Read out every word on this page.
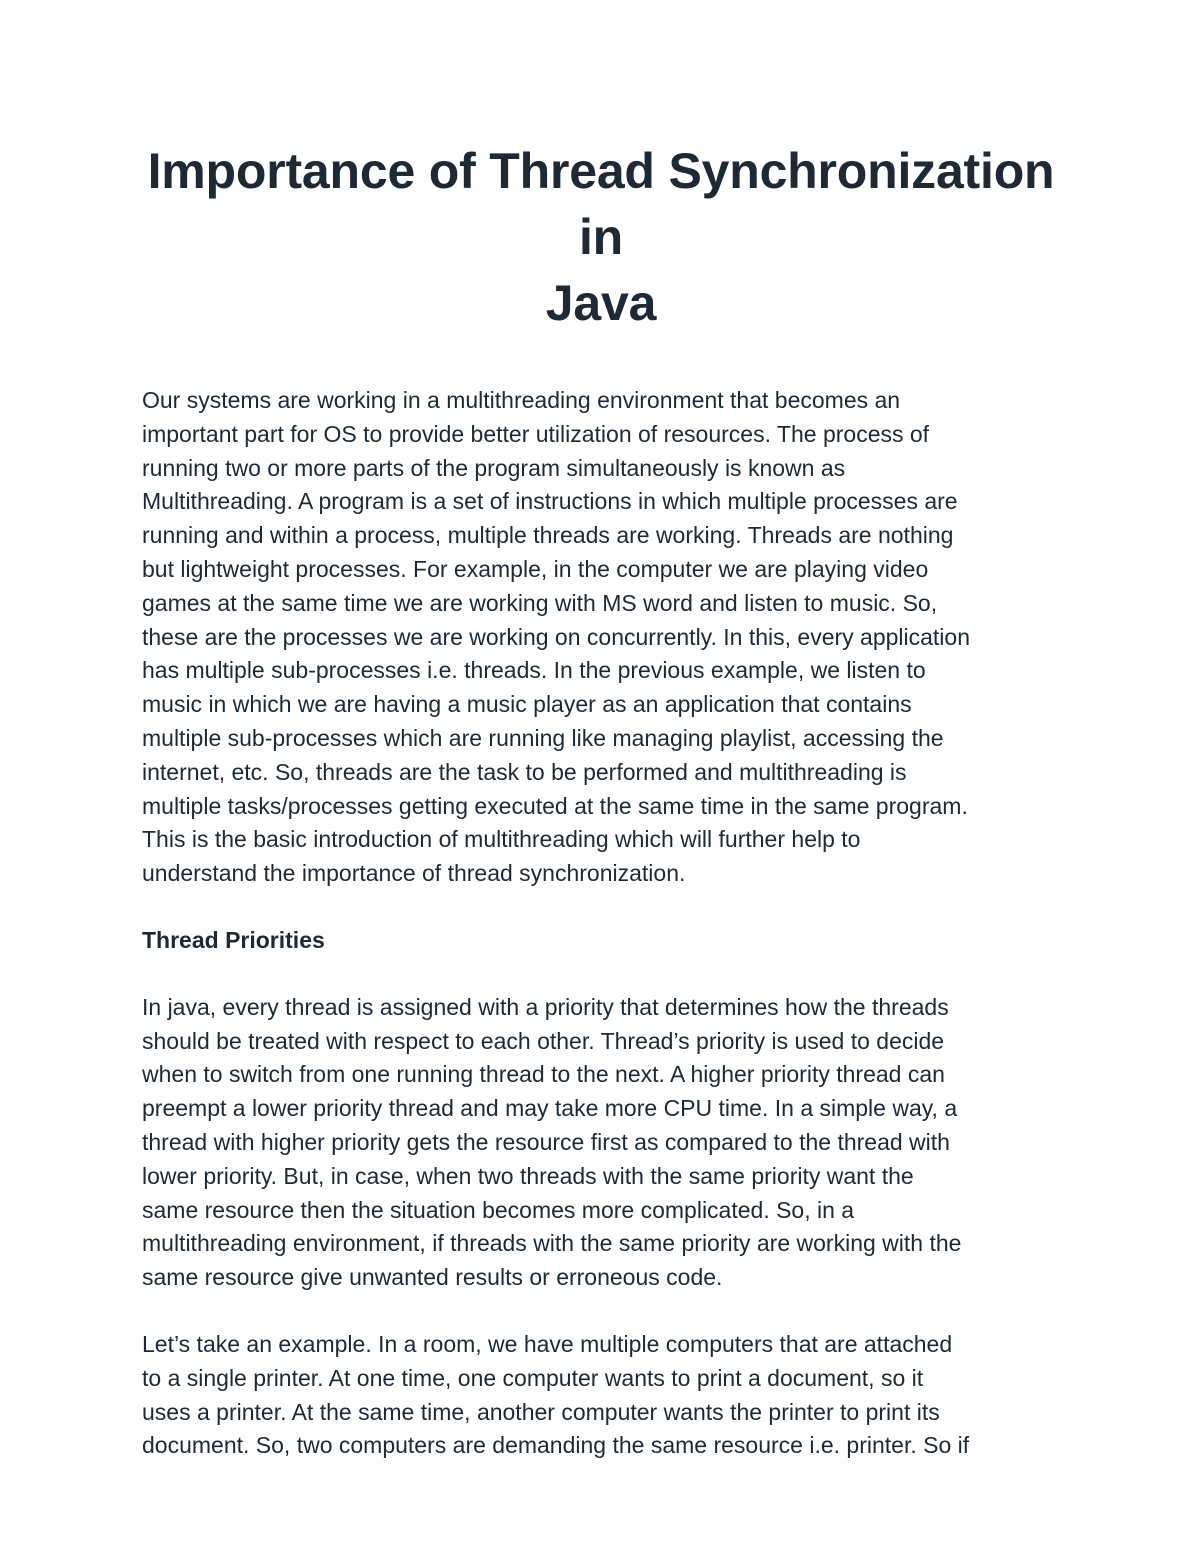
Importance of Thread Synchronization in
Java

Our systems are working in a multithreading environment that becomes an
important part for OS to provide better utilization of resources. The process of
running two or more parts of the program simultaneously is known as
Multithreading. A program is a set of instructions in which multiple processes are
running and within a process, multiple threads are working. Threads are nothing
but lightweight processes. For example, in the computer we are playing video
games at the same time we are working with MS word and listen to music. So,
these are the processes we are working on concurrently. In this, every application
has multiple sub-processes i.e. threads. In the previous example, we listen to
music in which we are having a music player as an application that contains
multiple sub-processes which are running like managing playlist, accessing the
internet, etc. So, threads are the task to be performed and multithreading is
multiple tasks/processes getting executed at the same time in the same program.
This is the basic introduction of multithreading which will further help to
understand the importance of thread synchronization.

Thread Priorities

In java, every thread is assigned with a priority that determines how the threads
should be treated with respect to each other. Thread’s priority is used to decide
when to switch from one running thread to the next. A higher priority thread can
preempt a lower priority thread and may take more CPU time. In a simple way, a
thread with higher priority gets the resource first as compared to the thread with
lower priority. But, in case, when two threads with the same priority want the
same resource then the situation becomes more complicated. So, in a
multithreading environment, if threads with the same priority are working with the
same resource give unwanted results or erroneous code.

Let’s take an example. In a room, we have multiple computers that are attached
to a single printer. At one time, one computer wants to print a document, so it
uses a printer. At the same time, another computer wants the printer to print its
document. So, two computers are demanding the same resource i.e. printer. So if
